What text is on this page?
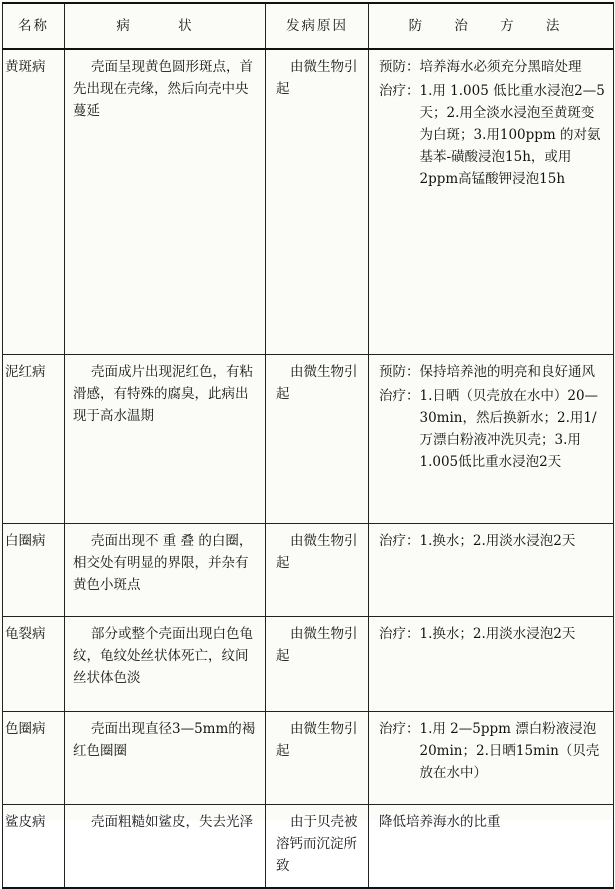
名称	病 状	发病原因	防 治 方 法
黄斑病	壳面呈现黄色圆形斑点，首先出现在壳缘，然后向壳中央蔓延	由微生物引起	预防： 培养海水必须充分黑暗处理
治疗： 1.用 1.005 低比重水浸泡2—5天；2.用全淡水浸泡至黄斑变为白斑；3.用100ppm 的对氨基苯-磺酸浸泡15h，或用2ppm高锰酸钾浸泡15h

泥红病	壳面成片出现泥红色，有粘滑感，有特殊的腐臭，此病出现于高水温期	由微生物引起	预防： 保持培养池的明亮和良好通风
治疗： 1.日晒（贝壳放在水中）20—30min，然后换新水；2.用1/万漂白粉液冲洗贝壳；3.用 1.005低比重水浸泡2天

白圈病	壳面出现不 重 叠 的白圈，相交处有明显的界限，并杂有黄色小斑点	由微生物引起	治疗： 1.换水；2.用淡水浸泡2天

龟裂病	部分或整个壳面出现白色龟纹，龟纹处丝状体死亡，纹间丝状体色淡	由微生物引起	治疗： 1.换水；2.用淡水浸泡2天

色圈病	壳面出现直径3—5mm的褐红色圈圈	由微生物引起	治疗： 1.用 2—5ppm 漂白粉液浸泡20min；2.日晒15min（贝壳放在水中）

鲨皮病	壳面粗糙如鲨皮，失去光泽	由于贝壳被溶钙而沉淀所致	降低培养海水的比重
